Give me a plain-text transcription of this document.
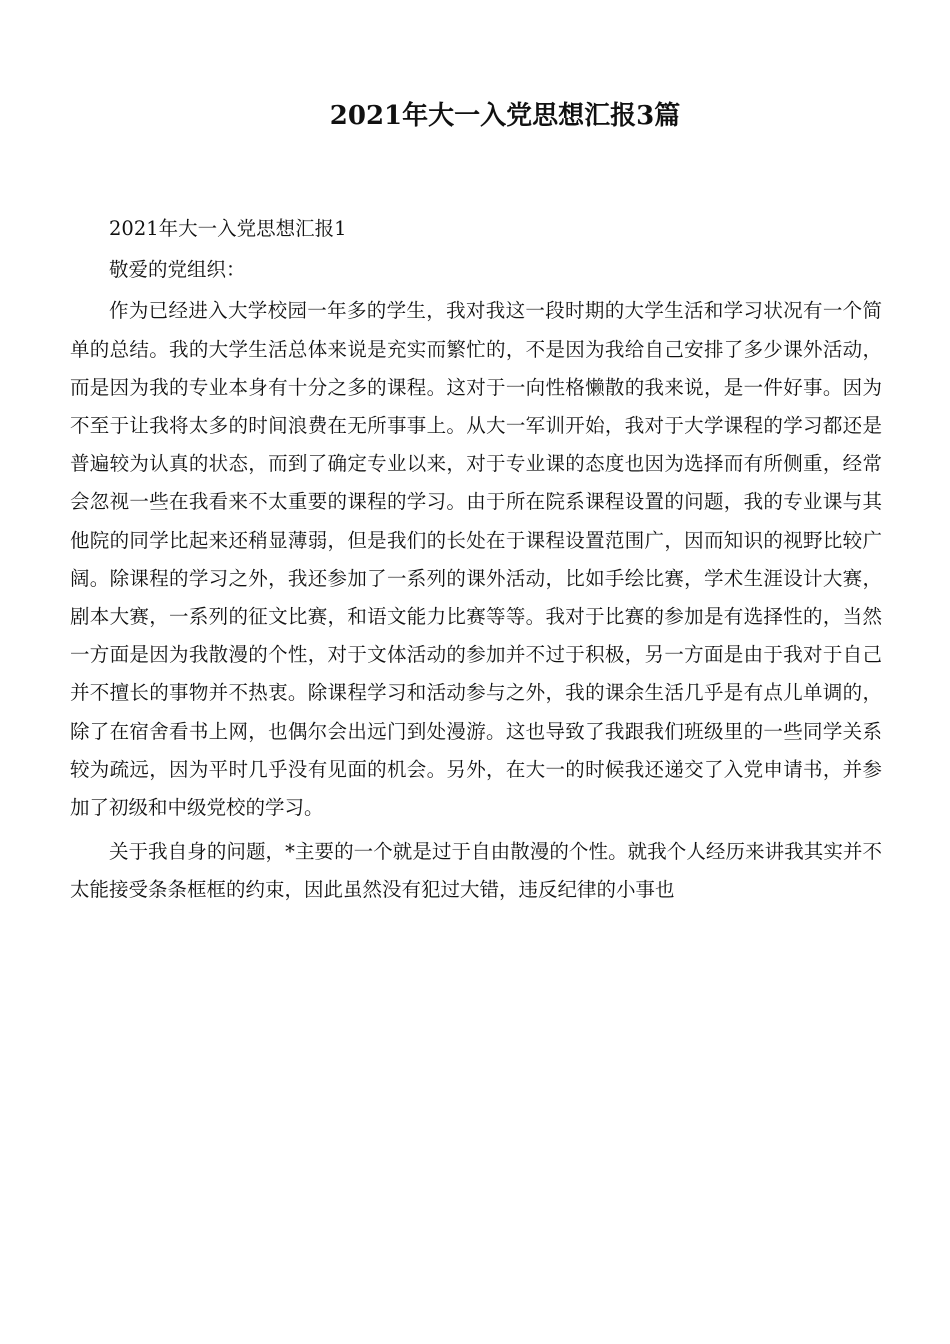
2021年大一入党思想汇报3篇

2021年大一入党思想汇报1

敬爱的党组织：

作为已经进入大学校园一年多的学生，我对我这一段时期的大学生活和学习状况有一个简单的总结。我的大学生活总体来说是充实而繁忙的，不是因为我给自己安排了多少课外活动，而是因为我的专业本身有十分之多的课程。这对于一向性格懒散的我来说，是一件好事。因为不至于让我将太多的时间浪费在无所事事上。从大一军训开始，我对于大学课程的学习都还是普遍较为认真的状态，而到了确定专业以来，对于专业课的态度也因为选择而有所侧重，经常会忽视一些在我看来不太重要的课程的学习。由于所在院系课程设置的问题，我的专业课与其他院的同学比起来还稍显薄弱，但是我们的长处在于课程设置范围广，因而知识的视野比较广阔。除课程的学习之外，我还参加了一系列的课外活动，比如手绘比赛，学术生涯设计大赛，剧本大赛，一系列的征文比赛，和语文能力比赛等等。我对于比赛的参加是有选择性的，当然一方面是因为我散漫的个性，对于文体活动的参加并不过于积极，另一方面是由于我对于自己并不擅长的事物并不热衷。除课程学习和活动参与之外，我的课余生活几乎是有点儿单调的，除了在宿舍看书上网，也偶尔会出远门到处漫游。这也导致了我跟我们班级里的一些同学关系较为疏远，因为平时几乎没有见面的机会。另外，在大一的时候我还递交了入党申请书，并参加了初级和中级党校的学习。

关于我自身的问题，*主要的一个就是过于自由散漫的个性。就我个人经历来讲我其实并不太能接受条条框框的约束，因此虽然没有犯过大错，违反纪律的小事也
